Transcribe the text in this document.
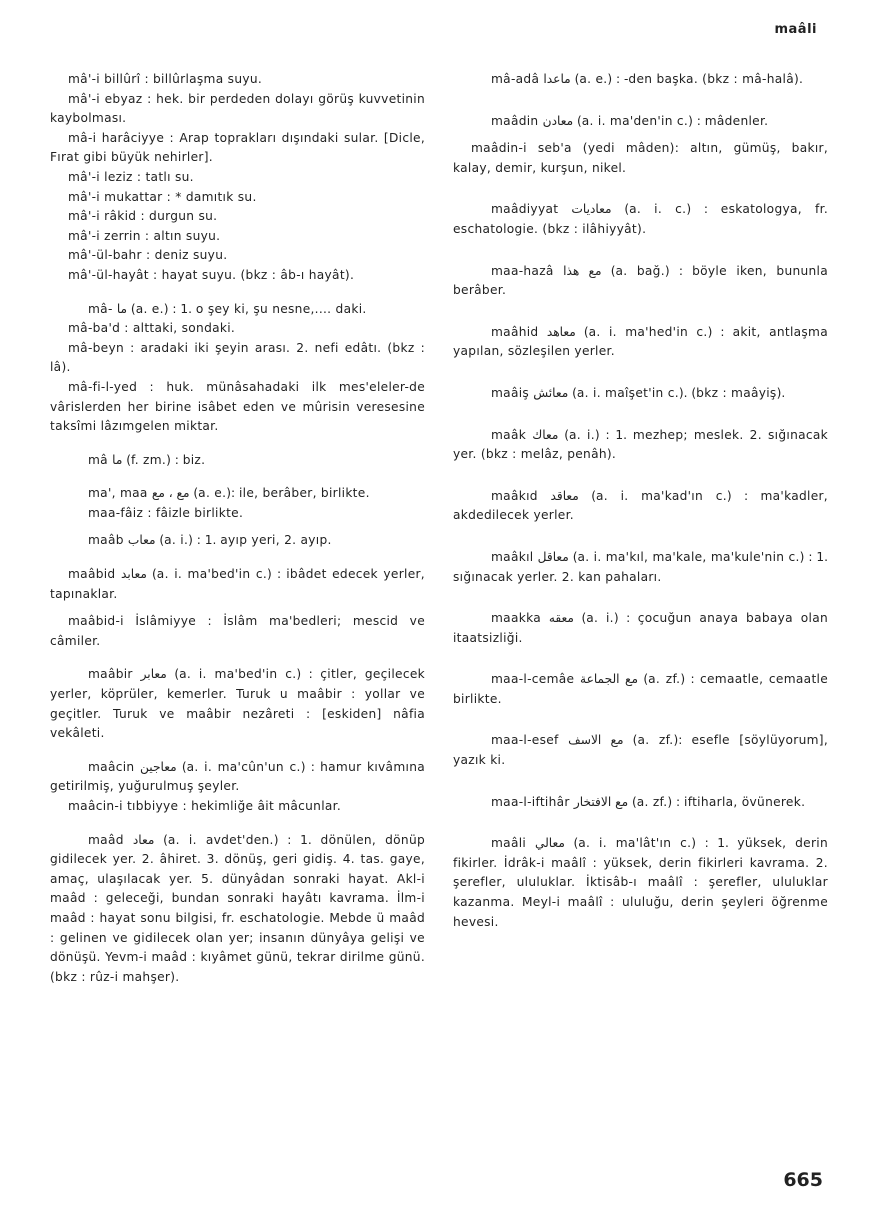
maâli

mâ'-i billûrî : billûrlaşma suyu.

mâ'-i ebyaz : hek. bir perdeden dolayı görüş kuvvetinin kaybolması.

mâ-i harâciyye : Arap toprakları dışındaki sular. [Dicle, Fırat gibi büyük nehirler].

mâ'-i leziz : tatlı su.

mâ'-i mukattar : * damıtık su.

mâ'-i râkid : durgun su.

mâ'-i zerrin : altın suyu.

mâ'-ül-bahr : deniz suyu.

mâ'-ül-hayât : hayat suyu. (bkz : âb-ı hayât).

mâ- ما (a. e.) : 1. o şey ki, şu nesne,.... daki.

mâ-ba'd : alttaki, sondaki.

mâ-beyn : aradaki iki şeyin arası. 2. nefi edâtı. (bkz : lâ).

mâ-fi-l-yed : huk. münâsahadaki ilk mes'eleler-de vârislerden her birine isâbet eden ve mûrisin veresesine taksîmi lâzımgelen miktar.

mâ ما (f. zm.) : biz.

ma', maa مع ، مع (a. e.): ile, berâber, birlikte.

maa-fâiz : fâizle birlikte.

maâb معاب (a. i.) : 1. ayıp yeri, 2. ayıp.

maâbid معابد (a. i. ma'bed'in c.) : ibâdet edecek yerler, tapınaklar.

maâbid-i İslâmiyye : İslâm ma'bedleri; mescid ve câmiler.

maâbir معابر (a. i. ma'bed'in c.) : çitler, geçilecek yerler, köprüler, kemerler. Turuk u maâbir : yollar ve geçitler. Turuk ve maâbir nezâreti : [eskiden] nâfia vekâleti.

maâcin معاجين (a. i. ma'cûn'un c.) : hamur kıvâmına getirilmiş, yuğurulmuş şeyler.

maâcin-i tıbbiyye : hekimliğe âit mâcunlar.

maâd معاد (a. i. avdet'den.) : 1. dönülen, dönüp gidilecek yer. 2. âhiret. 3. dönüş, geri gidiş. 4. tas. gaye, amaç, ulaşılacak yer. 5. dünyâdan sonraki hayat. Akl-i maâd : geleceği, bundan sonraki hayâtı kavrama. İlm-i maâd : hayat sonu bilgisi, fr. eschatologie. Mebde ü maâd : gelinen ve gidilecek olan yer; insanın dünyâya gelişi ve dönüşü. Yevm-i maâd : kıyâmet günü, tekrar dirilme günü. (bkz : rûz-i mahşer).

mâ-adâ ماعدا (a. e.) : -den başka. (bkz : mâ-halâ).

maâdin معادن (a. i. ma'den'in c.) : mâdenler.

maâdin-i seb'a (yedi mâden): altın, gümüş, bakır, kalay, demir, kurşun, nikel.

maâdiyyat معاديات (a. i. c.) : eskatologya, fr. eschatologie. (bkz : ilâhiyyât).

maa-hazâ مع هذا (a. bağ.) : böyle iken, bununla berâber.

maâhid معاهد (a. i. ma'hed'in c.) : akit, antlaşma yapılan, sözleşilen yerler.

maâiş معائش (a. i. maîşet'in c.). (bkz : maâyiş).

maâk معاك (a. i.) : 1. mezhep; meslek. 2. sığınacak yer. (bkz : melâz, penâh).

maâkıd معاقد (a. i. ma'kad'ın c.) : ma'kadler, akdedilecek yerler.

maâkıl معاقل (a. i. ma'kıl, ma'kale, ma'kule'nin c.) : 1. sığınacak yerler. 2. kan pahaları.

maakka معقه (a. i.) : çocuğun anaya babaya olan itaatsizliği.

maa-l-cemâe مع الجماعة (a. zf.) : cemaatle, cemaatle birlikte.

maa-l-esef مع الاسف (a. zf.): esefle [söylüyorum], yazık ki.

maa-l-iftihâr مع الافتخار (a. zf.) : iftiharla, övünerek.

maâli معالي (a. i. ma'lât'ın c.) : 1. yüksek, derin fikirler. İdrâk-i maâlî : yüksek, derin fikirleri kavrama. 2. şerefler, ululuklar. İktisâb-ı maâlî : şerefler, ululuklar kazanma. Meyl-i maâlî : ululuğu, derin şeyleri öğrenme hevesi.

665
